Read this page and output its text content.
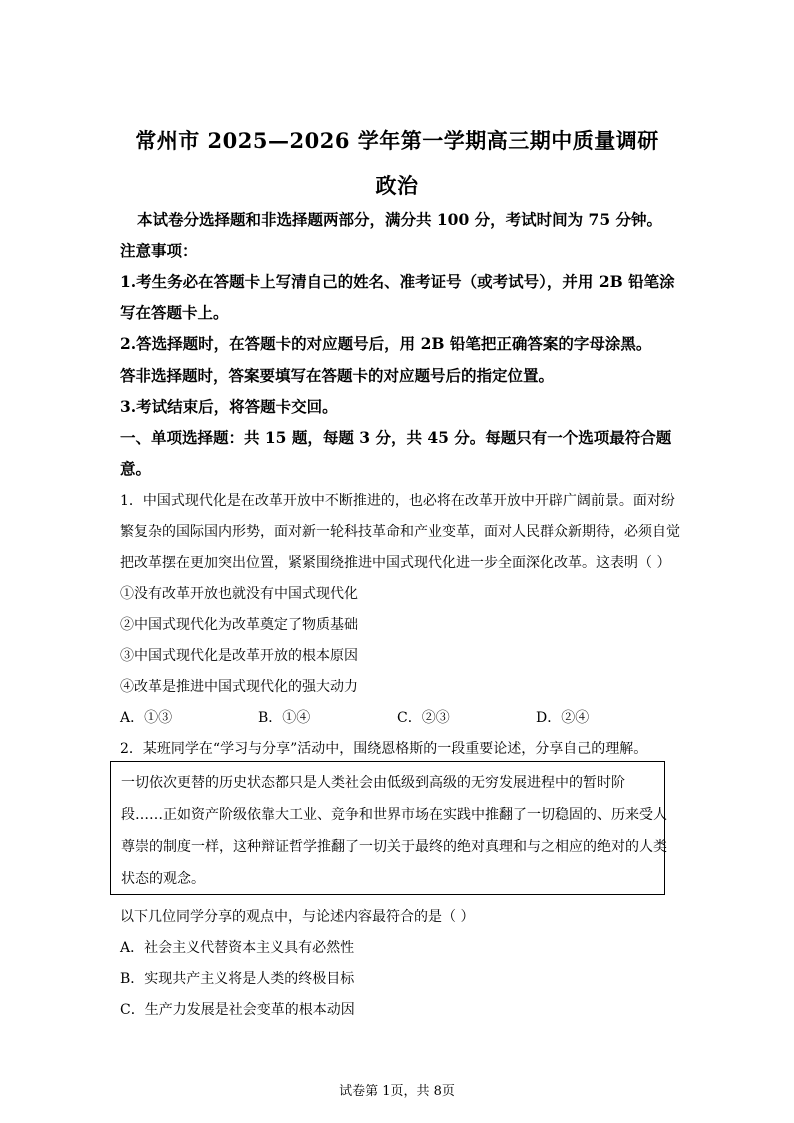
常州市 2025—2026 学年第一学期高三期中质量调研
政治
本试卷分选择题和非选择题两部分，满分共 100 分，考试时间为 75 分钟。
注意事项：
1.考生务必在答题卡上写清自己的姓名、准考证号（或考试号），并用 2B 铅笔涂
写在答题卡上。
2.答选择题时，在答题卡的对应题号后，用 2B 铅笔把正确答案的字母涂黑。
答非选择题时，答案要填写在答题卡的对应题号后的指定位置。
3.考试结束后，将答题卡交回。
一、单项选择题：共 15 题，每题 3 分，共 45 分。每题只有一个选项最符合题
意。
1．中国式现代化是在改革开放中不断推进的，也必将在改革开放中开辟广阔前景。面对纷
繁复杂的国际国内形势，面对新一轮科技革命和产业变革，面对人民群众新期待，必须自觉
把改革摆在更加突出位置，紧紧围绕推进中国式现代化进一步全面深化改革。这表明（ ）
①没有改革开放也就没有中国式现代化
②中国式现代化为改革奠定了物质基础
③中国式现代化是改革开放的根本原因
④改革是推进中国式现代化的强大动力
A．①③	B．①④	C．②③	D．②④
2．某班同学在“学习与分享”活动中，围绕恩格斯的一段重要论述，分享自己的理解。
一切依次更替的历史状态都只是人类社会由低级到高级的无穷发展进程中的暂时阶
段……正如资产阶级依靠大工业、竞争和世界市场在实践中推翻了一切稳固的、历来受人
尊崇的制度一样，这种辩证哲学推翻了一切关于最终的绝对真理和与之相应的绝对的人类
状态的观念。
以下几位同学分享的观点中，与论述内容最符合的是（ ）
A．社会主义代替资本主义具有必然性
B．实现共产主义将是人类的终极目标
C．生产力发展是社会变革的根本动因
试卷第 1页，共 8页
